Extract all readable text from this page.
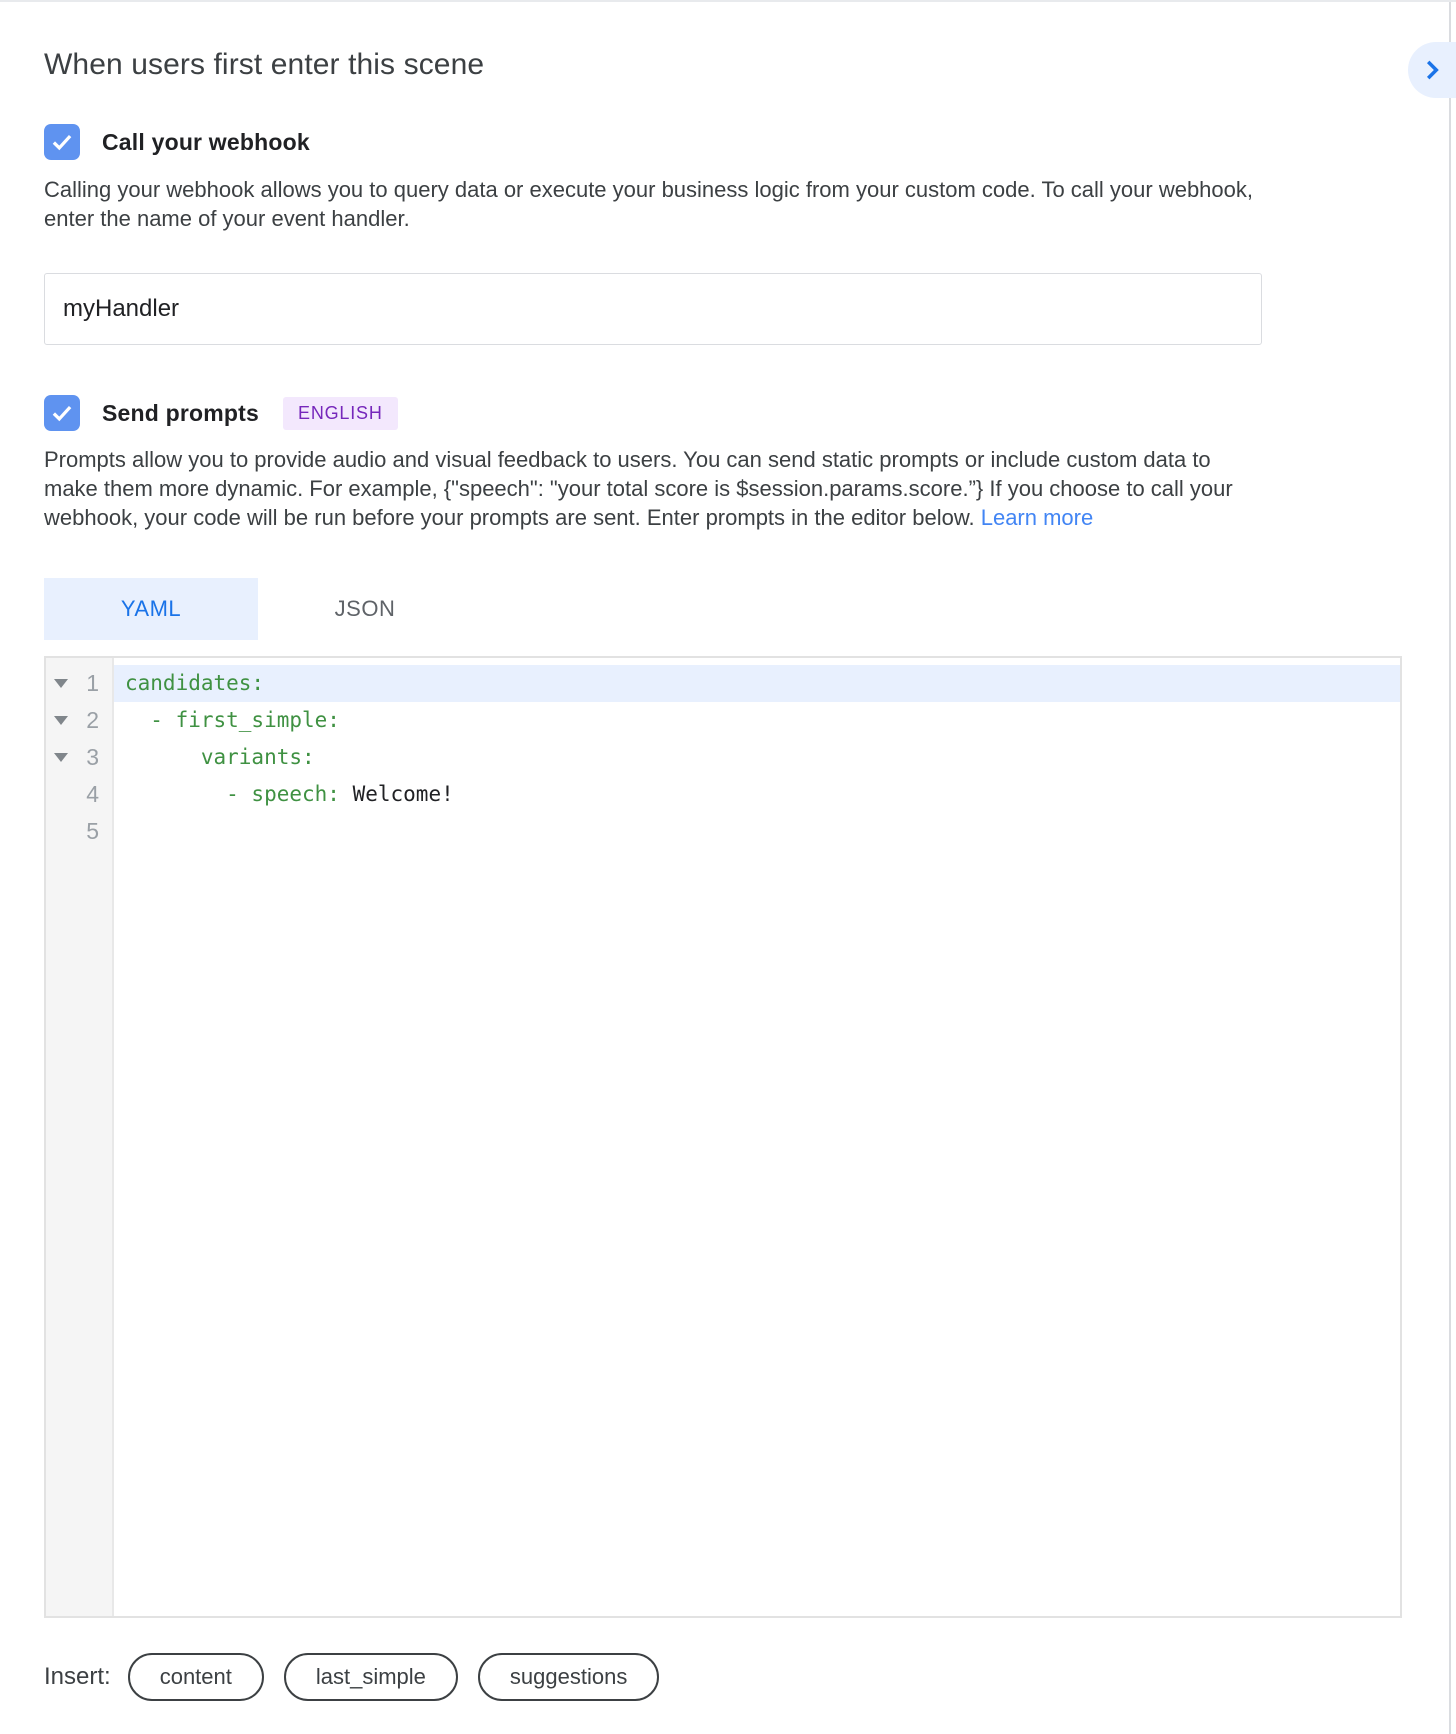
When users first enter this scene
Call your webhook
Calling your webhook allows you to query data or execute your business logic from your custom code. To call your webhook, enter the name of your event handler.
myHandler
Send prompts	ENGLISH
Prompts allow you to provide audio and visual feedback to users. You can send static prompts or include custom data to make them more dynamic. For example, {"speech": "your total score is $session.params.score.”} If you choose to call your webhook, your code will be run before your prompts are sent. Enter prompts in the editor below. Learn more
YAML	JSON
1
2
3
4
5
candidates:
- first_simple:
variants:
- speech: Welcome!
Insert:	content	last_simple	suggestions
